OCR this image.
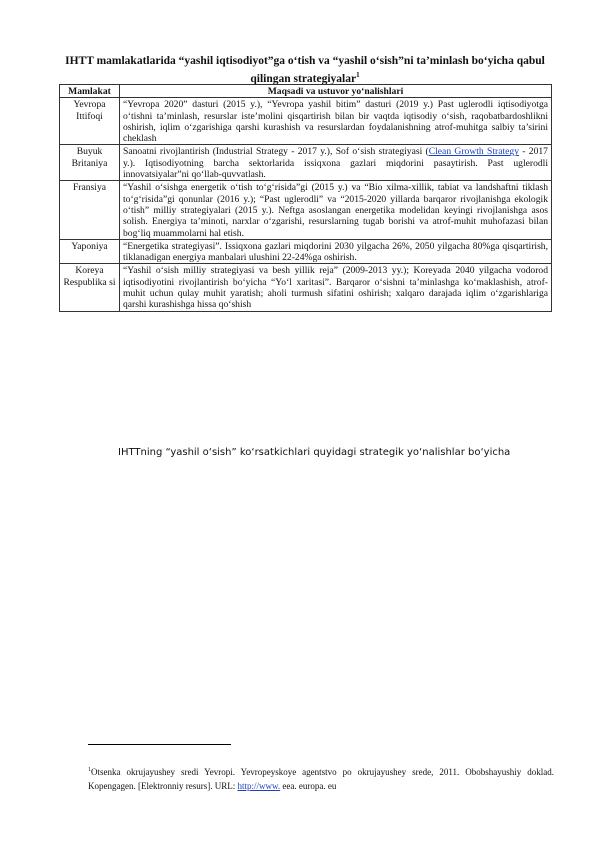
IHTT mamlakatlarida “yashil iqtisodiyot”ga o‘tish va “yashil o‘sish”ni ta’minlash bo‘yicha qabul qilingan strategiyalar$^1$
Mamlakat	Maqsadi va ustuvor yo‘nalishlari
Yevropa Ittifoqi	“Yevropa 2020” dasturi (2015 y.), “Yevropa yashil bitim” dasturi (2019 y.) Past uglerodli iqtisodiyotga o‘tishni ta’minlash, resurslar iste’molini qisqartirish bilan bir vaqtda iqtisodiy o‘sish, raqobatbardoshlikni oshirish, iqlim o‘zgarishiga qarshi kurashish va resurslardan foydalanishning atrof-muhitga salbiy ta’sirini cheklash
Buyuk Britaniya	Sanoatni rivojlantirish (Industrial Strategy - 2017 y.), Sof o‘sish strategiyasi (Clean Growth Strategy - 2017 y.). Iqtisodiyotning barcha sektorlarida issiqxona gazlari miqdorini pasaytirish. Past uglerodli innovatsiyalar”ni qo‘llab-quvvatlash.
Fransiya	“Yashil o‘sishga energetik o‘tish to‘g‘risida”gi (2015 y.) va “Bio xilma-xillik, tabiat va landshaftni tiklash to‘g‘risida”gi qonunlar (2016 y.); “Past uglerodli” va “2015-2020 yillarda barqaror rivojlanishga ekologik o‘tish” milliy strategiyalari (2015 y.). Neftga asoslangan energetika modelidan keyingi rivojlanishga asos solish. Energiya ta’minoti, narxlar o‘zgarishi, resurslarning tugab borishi va atrof-muhit muhofazasi bilan bog‘liq muammolarni hal etish.
Yaponiya	“Energetika strategiyasi”. Issiqxona gazlari miqdorini 2030 yilgacha 26%, 2050 yilgacha 80%ga qisqartirish, tiklanadigan energiya manbalari ulushini 22-24%ga oshirish.
Koreya Respublika si	“Yashil o‘sish milliy strategiyasi va besh yillik reja” (2009-2013 yy.); Koreyada 2040 yilgacha vodorod iqtisodiyotini rivojlantirish bo‘yicha “Yo‘l xaritasi”. Barqaror o‘sishni ta’minlashga ko‘maklashish, atrof-muhit uchun qulay muhit yaratish; aholi turmush sifatini oshirish; xalqaro darajada iqlim o‘zgarishlariga qarshi kurashishga hissa qo‘shish
IHTTning “yashil o‘sish” ko‘rsatkichlari quyidagi strategik yo‘nalishlar bo‘yicha
$^1$Otsenka okrujayushey sredi Yevropi. Yevropeyskoye agentstvo po okrujayushey srede, 2011. Obobshayushiy doklad. Kopengagen. [Elektronniy resurs]. URL: http://www. eea. europa. eu
